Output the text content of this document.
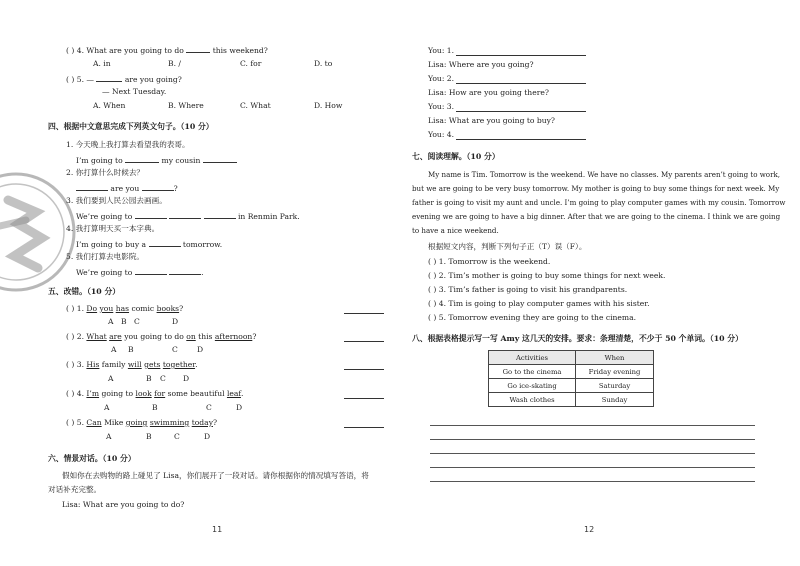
( ) 4. What are you going to do	this weekend?
A. in	B. /	C. for	D. to
( ) 5. —	are you going?
— Next Tuesday.
A. When	B. Where	C. What	D. How
四、根据中文意思完成下列英文句子。（10 分）
1. 今天晚上我打算去看望我的表哥。
I’m going to	my cousin
2. 你打算什么时候去？
are you	?
3. 我们要到人民公园去画画。
We’re going to	in Renmin Park.
4. 我打算明天买一本字典。
I’m going to buy a	tomorrow.
5. 我们打算去电影院。
We’re going to	.
五、改错。（10 分）
( ) 1. Do you has comic books?
A B C	D
( ) 2. What are you going to do on this afternoon?
A B	C	D
( ) 3. His family will gets together.
A	B C D
( ) 4. I’m going to look for some beautiful leaf.
A	B	C	D
( ) 5. Can Mike going swimming today?
A	B	C	D
六、情景对话。（10 分）
假如你在去购物的路上碰见了 Lisa，你们展开了一段对话。请你根据你的情况填写答语，将
对话补充完整。
Lisa: What are you going to do?
11
You: 1.
Lisa: Where are you going?
You: 2.
Lisa: How are you going there?
You: 3.
Lisa: What are you going to buy?
You: 4.
七、阅读理解。（10 分）
My name is Tim. Tomorrow is the weekend. We have no classes. My parents aren’t going to work,
but we are going to be very busy tomorrow. My mother is going to buy some things for next week. My
father is going to visit my aunt and uncle. I’m going to play computer games with my cousin. Tomorrow
evening we are going to have a big dinner. After that we are going to the cinema. I think we are going
to have a nice weekend.
根据短文内容，判断下列句子正（T）误（F）。
( ) 1. Tomorrow is the weekend.
( ) 2. Tim’s mother is going to buy some things for next week.
( ) 3. Tim’s father is going to visit his grandparents.
( ) 4. Tim is going to play computer games with his sister.
( ) 5. Tomorrow evening they are going to the cinema.
八、根据表格提示写一写 Amy 这几天的安排。要求：条理清楚，不少于 50 个单词。（10 分）
Activities	When
Go to the cinema	Friday evening
Go ice-skating	Saturday
Wash clothes	Sunday
12
